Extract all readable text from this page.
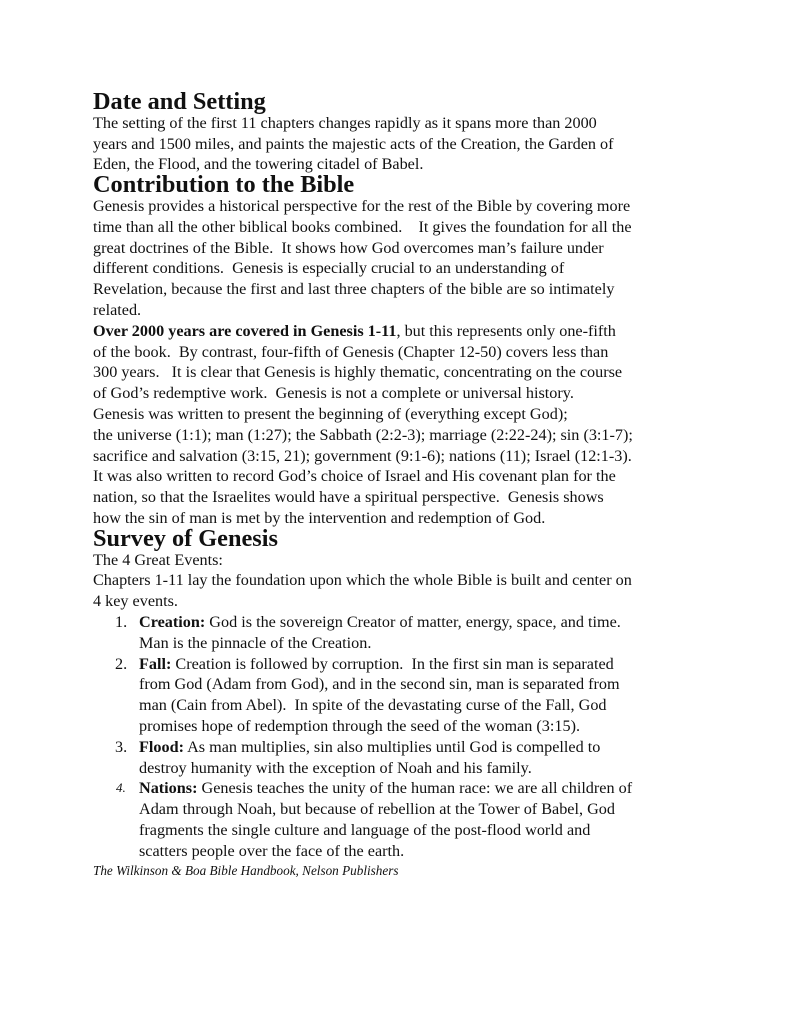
Date and Setting

The setting of the first 11 chapters changes rapidly as it spans more than 2000
years and 1500 miles, and paints the majestic acts of the Creation, the Garden of
Eden, the Flood, and the towering citadel of Babel.

Contribution to the Bible

Genesis provides a historical perspective for the rest of the Bible by covering more
time than all the other biblical books combined.    It gives the foundation for all the
great doctrines of the Bible.  It shows how God overcomes man’s failure under
different conditions.  Genesis is especially crucial to an understanding of
Revelation, because the first and last three chapters of the bible are so intimately
related.

Over 2000 years are covered in Genesis 1-11, but this represents only one-fifth
of the book.  By contrast, four-fifth of Genesis (Chapter 12-50) covers less than
300 years.   It is clear that Genesis is highly thematic, concentrating on the course
of God’s redemptive work.  Genesis is not a complete or universal history.
Genesis was written to present the beginning of (everything except God);
the universe (1:1); man (1:27); the Sabbath (2:2-3); marriage (2:22-24); sin (3:1-7);
sacrifice and salvation (3:15, 21); government (9:1-6); nations (11); Israel (12:1-3).
It was also written to record God’s choice of Israel and His covenant plan for the
nation, so that the Israelites would have a spiritual perspective.  Genesis shows
how the sin of man is met by the intervention and redemption of God.

Survey of Genesis

The 4 Great Events:

Chapters 1-11 lay the foundation upon which the whole Bible is built and center on
4 key events.

1. Creation: God is the sovereign Creator of matter, energy, space, and time.
Man is the pinnacle of the Creation.
2. Fall: Creation is followed by corruption.  In the first sin man is separated
from God (Adam from God), and in the second sin, man is separated from
man (Cain from Abel).  In spite of the devastating curse of the Fall, God
promises hope of redemption through the seed of the woman (3:15).
3. Flood: As man multiplies, sin also multiplies until God is compelled to
destroy humanity with the exception of Noah and his family.
4. Nations: Genesis teaches the unity of the human race: we are all children of
Adam through Noah, but because of rebellion at the Tower of Babel, God
fragments the single culture and language of the post-flood world and
scatters people over the face of the earth.
The Wilkinson & Boa Bible Handbook, Nelson Publishers
